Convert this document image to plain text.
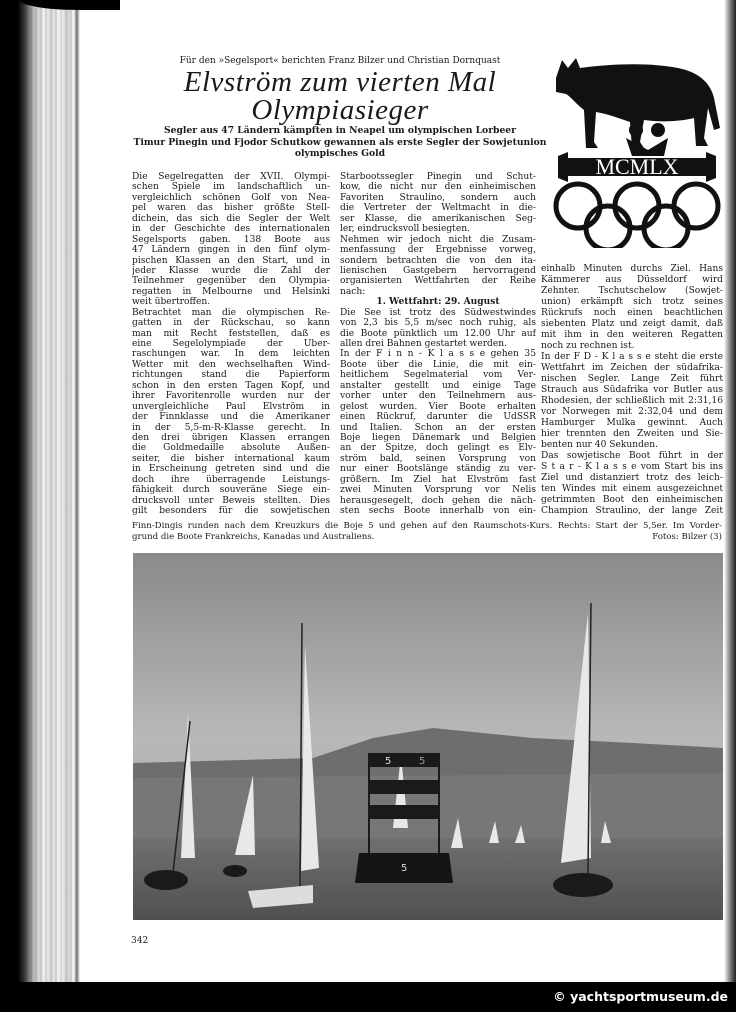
Für den »Segelsport« berichten Franz Bilzer und Christian Dornquast
Elvström zum vierten Mal
Olympiasieger
Segler aus 47 Ländern kämpften in Neapel um olympischen Lorbeer
Timur Pinegin und Fjodor Schutkow gewannen als erste Segler der Sowjetunion
olympisches Gold
MCMLX
Die Segelregatten der XVII. Olympi-
schen Spiele im landschaftlich un-
vergleichlich schönen Golf von Nea-
pel waren das bisher größte Stell-
dichein, das sich die Segler der Welt
in der Geschichte des internationalen
Segelsports gaben. 138 Boote aus
47 Ländern gingen in den fünf olym-
pischen Klassen an den Start, und in
jeder Klasse wurde die Zahl der
Teilnehmer gegenüber den Olympia-
regatten in Melbourne und Helsinki
weit übertroffen.
Betrachtet man die olympischen Re-
gatten in der Rückschau, so kann
man mit Recht feststellen, daß es
eine Segelolympiade der Über-
raschungen war. In dem leichten
Wetter mit den wechselhaften Wind-
richtungen stand die Papierform
schon in den ersten Tagen Kopf, und
ihrer Favoritenrolle wurden nur der
unvergleichliche Paul Elvström in
der Finnklasse und die Amerikaner
in der 5,5-m-R-Klasse gerecht. In
den drei übrigen Klassen errangen
die Goldmedaille absolute Außen-
seiter, die bisher international kaum
in Erscheinung getreten sind und die
doch ihre überragende Leistungs-
fähigkeit durch souveräne Siege ein-
drucksvoll unter Beweis stellten. Dies
gilt besonders für die sowjetischen
Starbootssegler Pinegin und Schut-
kow, die nicht nur den einheimischen
Favoriten Straulino, sondern auch
die Vertreter der Weltmacht in die-
ser Klasse, die amerikanischen Seg-
ler, eindrucksvoll besiegten.
Nehmen wir jedoch nicht die Zusam-
menfassung der Ergebnisse vorweg,
sondern betrachten die von den ita-
lienischen Gastgebern hervorragend
organisierten Wettfahrten der Reihe
nach:
1. Wettfahrt: 29. August
Die See ist trotz des Südwestwindes
von 2,3 bis 5,5 m/sec noch ruhig, als
die Boote pünktlich um 12.00 Uhr auf
allen drei Bahnen gestartet werden.
In der F i n n - K l a s s e gehen 35
Boote über die Linie, die mit ein-
heitlichem Segelmaterial vom Ver-
anstalter gestellt und einige Tage
vorher unter den Teilnehmern aus-
gelost wurden. Vier Boote erhalten
einen Rückruf, darunter die UdSSR
und Italien. Schon an der ersten
Boje liegen Dänemark und Belgien
an der Spitze, doch gelingt es Elv-
ström bald, seinen Vorsprung von
nur einer Bootslänge ständig zu ver-
größern. Im Ziel hat Elvström fast
zwei Minuten Vorsprung vor Nelis
herausgesegelt, doch gehen die näch-
sten sechs Boote innerhalb von ein-
einhalb Minuten durchs Ziel. Hans
Kämmerer aus Düsseldorf wird
Zehnter. Tschutschelow (Sowjet-
union) erkämpft sich trotz seines
Rückrufs noch einen beachtlichen
siebenten Platz und zeigt damit, daß
mit ihm in den weiteren Regatten
noch zu rechnen ist.
In der F D - K l a s s e steht die erste
Wettfahrt im Zeichen der südafrika-
nischen Segler. Lange Zeit führt
Strauch aus Südafrika vor Butler aus
Rhodesien, der schließlich mit 2:31,16
vor Norwegen mit 2:32,04 und dem
Hamburger Mulka gewinnt. Auch
hier trennten den Zweiten und Sie-
benten nur 40 Sekunden.
Das sowjetische Boot führt in der
S t a r - K l a s s e vom Start bis ins
Ziel und distanziert trotz des leich-
ten Windes mit einem ausgezeichnet
getrimmten Boot den einheimischen
Champion Straulino, der lange Zeit
Finn-Dingis runden nach dem Kreuzkurs die Boje 5 und gehen auf den Raumschots-Kurs. Rechts: Start der 5,5er. Im Vorder-
grund die Boote Frankreichs, Kanadas und Australiens.	Fotos: Bilzer (3)
5	5
5
342
© yachtsportmuseum.de
